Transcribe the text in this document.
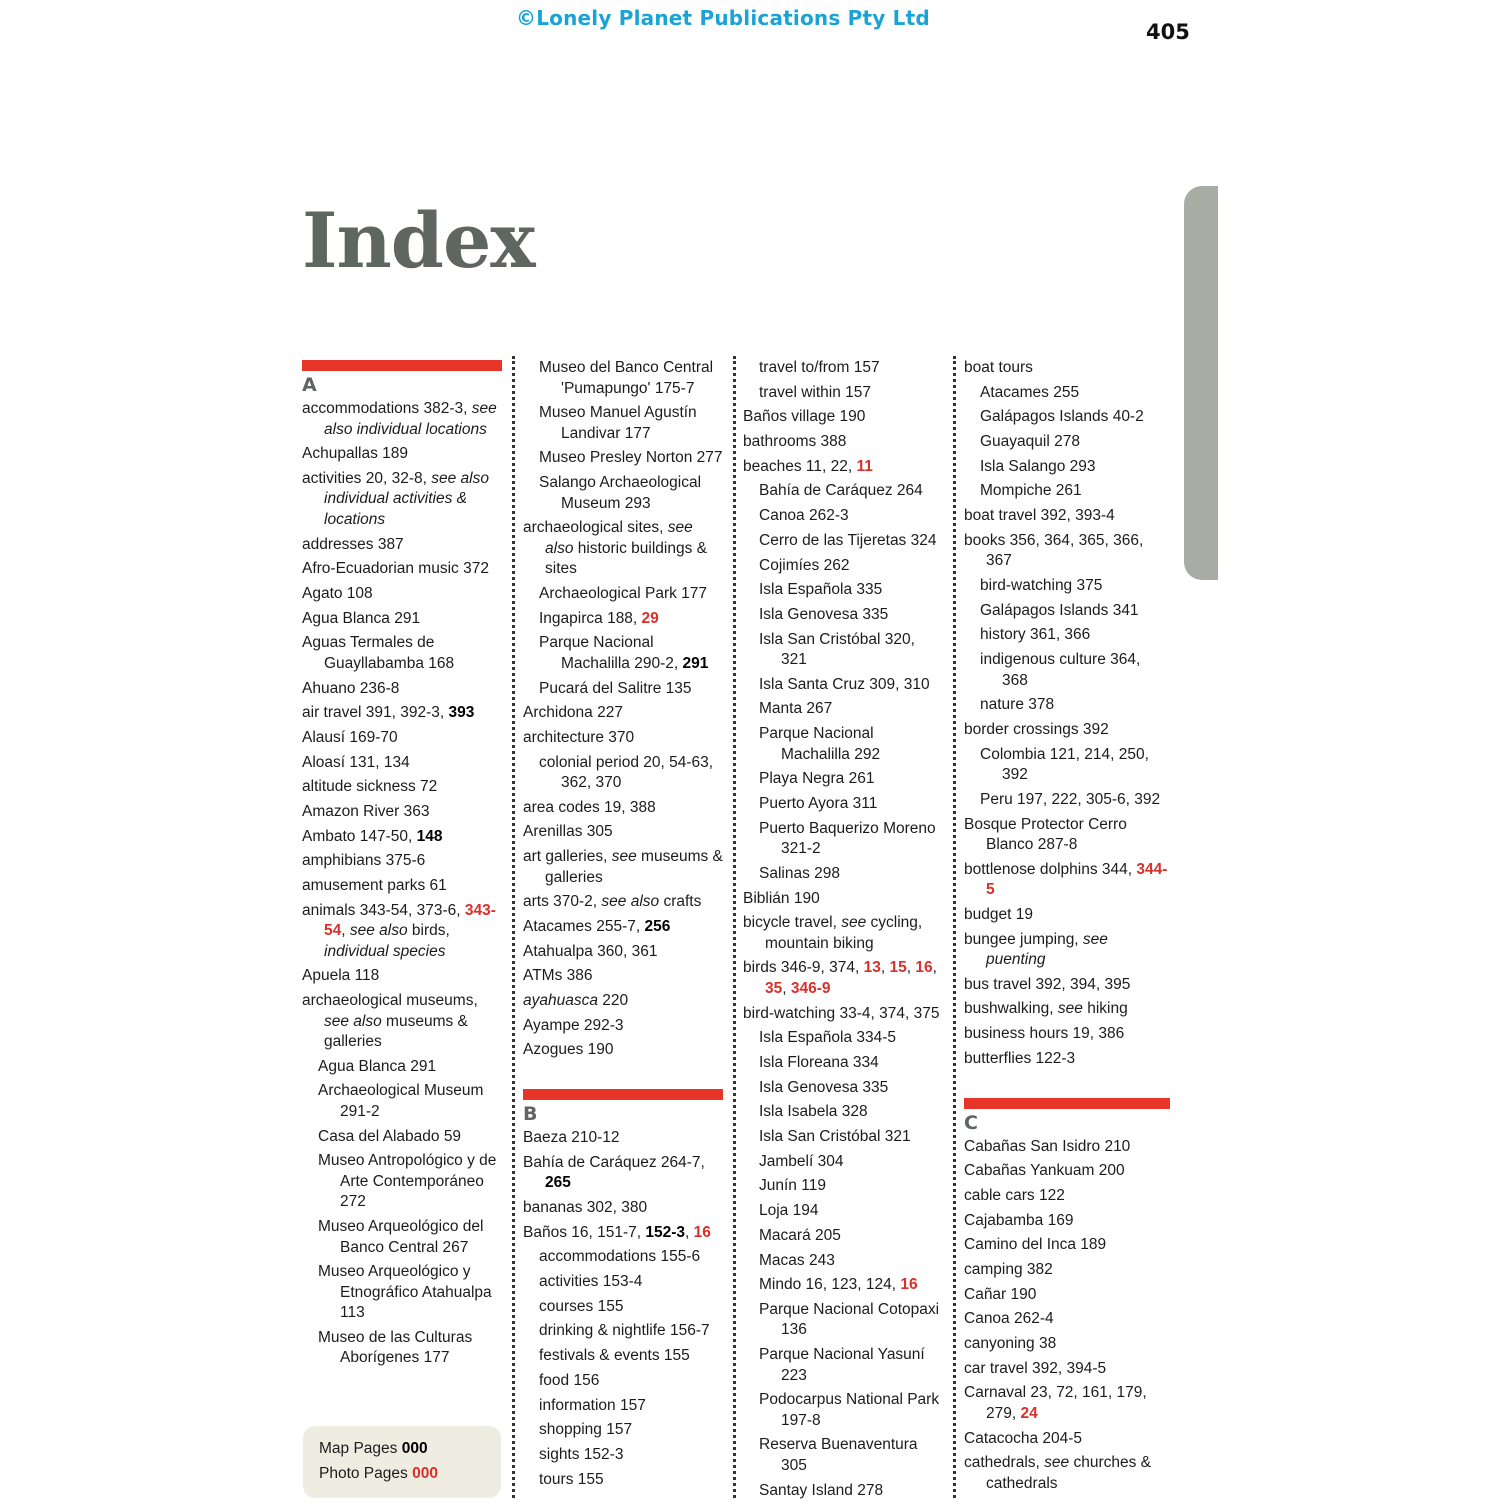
©Lonely Planet Publications Pty Ltd
405
Index
A
accommodations 382-3, see also individual locations
Achupallas 189
activities 20, 32-8, see also individual activities & locations
addresses 387
Afro-Ecuadorian music 372
Agato 108
Agua Blanca 291
Aguas Termales de Guayllabamba 168
Ahuano 236-8
air travel 391, 392-3, 393
Alausí 169-70
Aloasí 131, 134
altitude sickness 72
Amazon River 363
Ambato 147-50, 148
amphibians 375-6
amusement parks 61
animals 343-54, 373-6, 343-54, see also birds, individual species
Apuela 118
archaeological museums, see also museums & galleries
Agua Blanca 291
Archaeological Museum 291-2
Casa del Alabado 59
Museo Antropológico y de Arte Contemporáneo 272
Museo Arqueológico del Banco Central 267
Museo Arqueológico y Etnográfico Atahualpa 113
Museo de las Culturas Aborígenes 177
Museo del Banco Central 'Pumapungo' 175-7
Museo Manuel Agustín Landivar 177
Museo Presley Norton 277
Salango Archaeological Museum 293
archaeological sites, see also historic buildings & sites
Archaeological Park 177
Ingapirca 188, 29
Parque Nacional Machalilla 290-2, 291
Pucará del Salitre 135
Archidona 227
architecture 370
colonial period 20, 54-63, 362, 370
area codes 19, 388
Arenillas 305
art galleries, see museums & galleries
arts 370-2, see also crafts
Atacames 255-7, 256
Atahualpa 360, 361
ATMs 386
ayahuasca 220
Ayampe 292-3
Azogues 190
B
Baeza 210-12
Bahía de Caráquez 264-7, 265
bananas 302, 380
Baños 16, 151-7, 152-3, 16
accommodations 155-6
activities 153-4
courses 155
drinking & nightlife 156-7
festivals & events 155
food 156
information 157
shopping 157
sights 152-3
tours 155
travel to/from 157
travel within 157
Baños village 190
bathrooms 388
beaches 11, 22, 11
Bahía de Caráquez 264
Canoa 262-3
Cerro de las Tijeretas 324
Cojimíes 262
Isla Española 335
Isla Genovesa 335
Isla San Cristóbal 320, 321
Isla Santa Cruz 309, 310
Manta 267
Parque Nacional Machalilla 292
Playa Negra 261
Puerto Ayora 311
Puerto Baquerizo Moreno 321-2
Salinas 298
Biblián 190
bicycle travel, see cycling, mountain biking
birds 346-9, 374, 13, 15, 16, 35, 346-9
bird-watching 33-4, 374, 375
Isla Española 334-5
Isla Floreana 334
Isla Genovesa 335
Isla Isabela 328
Isla San Cristóbal 321
Jambelí 304
Junín 119
Loja 194
Macará 205
Macas 243
Mindo 16, 123, 124, 16
Parque Nacional Cotopaxi 136
Parque Nacional Yasuní 223
Podocarpus National Park 197-8
Reserva Buenaventura 305
Santay Island 278
boat tours
Atacames 255
Galápagos Islands 40-2
Guayaquil 278
Isla Salango 293
Mompiche 261
boat travel 392, 393-4
books 356, 364, 365, 366, 367
bird-watching 375
Galápagos Islands 341
history 361, 366
indigenous culture 364, 368
nature 378
border crossings 392
Colombia 121, 214, 250, 392
Peru 197, 222, 305-6, 392
Bosque Protector Cerro Blanco 287-8
bottlenose dolphins 344, 344-5
budget 19
bungee jumping, see puenting
bus travel 392, 394, 395
bushwalking, see hiking
business hours 19, 386
butterflies 122-3
C
Cabañas San Isidro 210
Cabañas Yankuam 200
cable cars 122
Cajabamba 169
Camino del Inca 189
camping 382
Cañar 190
Canoa 262-4
canyoning 38
car travel 392, 394-5
Carnaval 23, 72, 161, 179, 279, 24
Catacocha 204-5
cathedrals, see churches & cathedrals
Map Pages 000
Photo Pages 000
